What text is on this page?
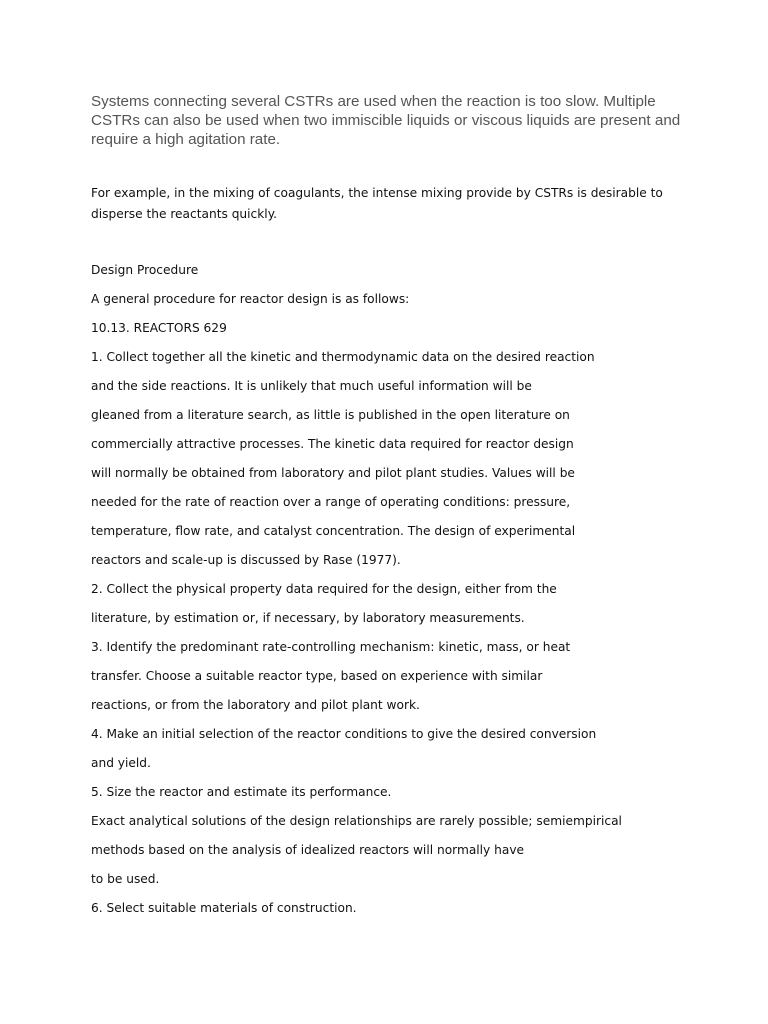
Systems connecting several CSTRs are used when the reaction is too slow. Multiple CSTRs can also be used when two immiscible liquids or viscous liquids are present and require a high agitation rate.

For example, in the mixing of coagulants, the intense mixing provide by CSTRs is desirable to disperse the reactants quickly.

Design Procedure
A general procedure for reactor design is as follows:
10.13. REACTORS 629
1. Collect together all the kinetic and thermodynamic data on the desired reaction
and the side reactions. It is unlikely that much useful information will be
gleaned from a literature search, as little is published in the open literature on
commercially attractive processes. The kinetic data required for reactor design
will normally be obtained from laboratory and pilot plant studies. Values will be
needed for the rate of reaction over a range of operating conditions: pressure,
temperature, flow rate, and catalyst concentration. The design of experimental
reactors and scale-up is discussed by Rase (1977).
2. Collect the physical property data required for the design, either from the
literature, by estimation or, if necessary, by laboratory measurements.
3. Identify the predominant rate-controlling mechanism: kinetic, mass, or heat
transfer. Choose a suitable reactor type, based on experience with similar
reactions, or from the laboratory and pilot plant work.
4. Make an initial selection of the reactor conditions to give the desired conversion
and yield.
5. Size the reactor and estimate its performance.
Exact analytical solutions of the design relationships are rarely possible; semiempirical
methods based on the analysis of idealized reactors will normally have
to be used.
6. Select suitable materials of construction.
